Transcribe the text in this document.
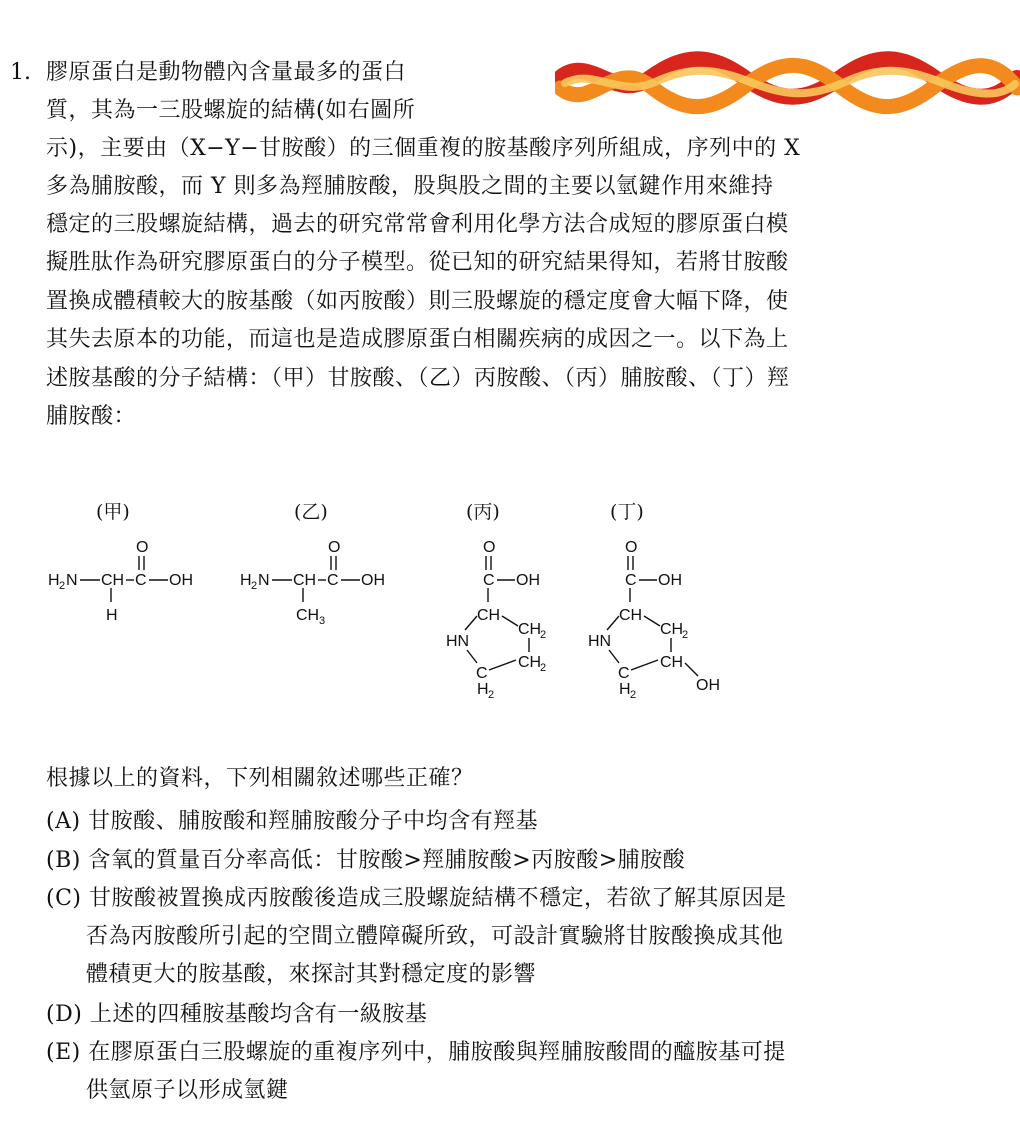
1. 膠原蛋白是動物體內含量最多的蛋白
質，其為一三股螺旋的結構(如右圖所
示)，主要由（X−Y−甘胺酸）的三個重複的胺基酸序列所組成，序列中的 X
多為脯胺酸，而 Y 則多為羥脯胺酸，股與股之間的主要以氫鍵作用來維持
穩定的三股螺旋結構，過去的研究常常會利用化學方法合成短的膠原蛋白模
擬胜肽作為研究膠原蛋白的分子模型。從已知的研究結果得知，若將甘胺酸
置換成體積較大的胺基酸（如丙胺酸）則三股螺旋的穩定度會大幅下降，使
其失去原本的功能，而這也是造成膠原蛋白相關疾病的成因之一。以下為上
述胺基酸的分子結構：（甲）甘胺酸、（乙）丙胺酸、（丙）脯胺酸、（丁）羥
脯胺酸：
(甲)	(乙)	(丙)	(丁)
H 2 N CH C OH
O
H
H 2 N CH C OH
O
CH 3
O
C OH
CH
CH
2
HN
CH
2
C
H 2
O
C OH
CH
CH
2
HN
CH
OH
C
H 2
根據以上的資料，下列相關敘述哪些正確？
(A) 甘胺酸、脯胺酸和羥脯胺酸分子中均含有羥基
(B) 含氧的質量百分率高低：甘胺酸>羥脯胺酸>丙胺酸>脯胺酸
(C) 甘胺酸被置換成丙胺酸後造成三股螺旋結構不穩定，若欲了解其原因是
否為丙胺酸所引起的空間立體障礙所致，可設計實驗將甘胺酸換成其他
體積更大的胺基酸，來探討其對穩定度的影響
(D) 上述的四種胺基酸均含有一級胺基
(E) 在膠原蛋白三股螺旋的重複序列中，脯胺酸與羥脯胺酸間的醯胺基可提
供氫原子以形成氫鍵
